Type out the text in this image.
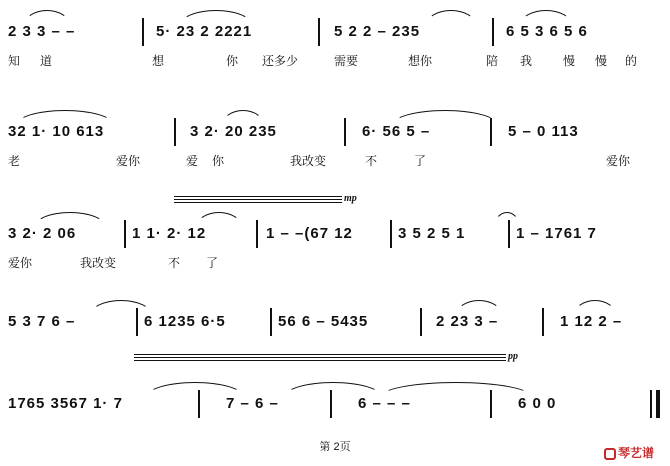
2 3 3 – –	5· 23 2 2221	5 2 2 – 235	6 5 3 6 5 6
知 道	想	你 还多少	需要	想你	陪 我	慢 慢 的
32 1· 10 613	3 2· 20 235	6· 56 5 –	5 – 0 113
老	爱你	爱 你	我改变	不	了	爱你
mp
3 2· 2 06	1 1· 2· 12	1 – –(67 12	3 5 2 5 1	1 – 1761 7
爱你	我改变	不 了
5 3 7 6 –	6 1235 6·5	56 6 – 5435	2 23 3 –	1 12 2 –
pp
1765 3567 1· 7	7 – 6 –	6 – – –	6 0 0
第 2页	琴艺谱
